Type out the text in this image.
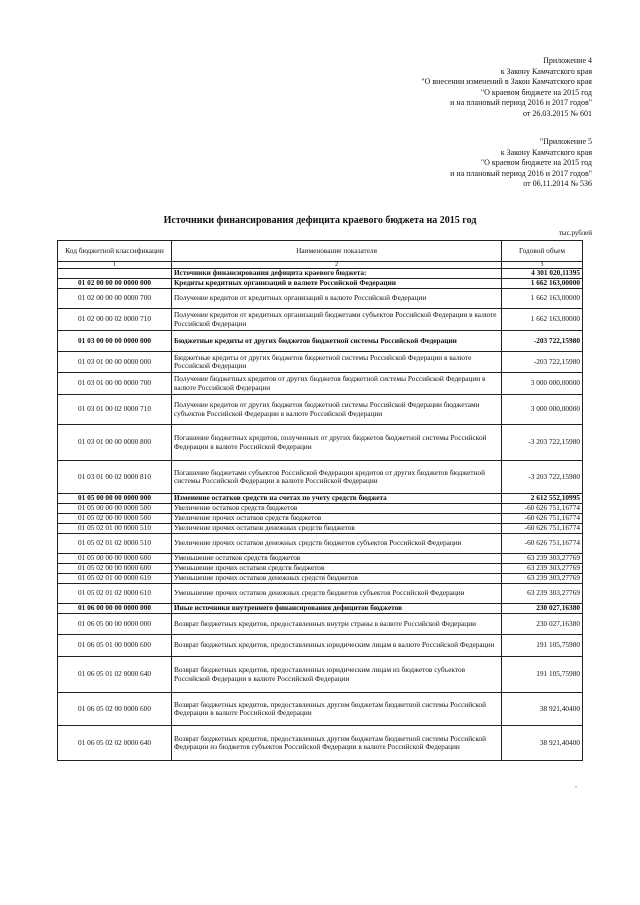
Приложение 4
к Закону Камчатского края
"О внесении изменений в Закон Камчатского края
"О краевом бюджете на 2015 год
и на плановый период 2016 и 2017 годов"
от 26.03.2015 № 601
"Приложение 5
к Закону Камчатского края
"О краевом бюджете на 2015 год
и на плановый период 2016 и 2017 годов"
от 06.11.2014 № 536
Источники финансирования дефицита краевого бюджета на 2015 год
тыс.рублей
Код бюджетной классификации	Наименование показателя	Годовой объем
1	2	3
	Источники финансирования дефицита краевого бюджета:	4 301 020,11395
01 02 00 00 00 0000 000	Кредиты кредитных организаций в валюте Российской Федерации	1 662 163,00000
01 02 00 00 00 0000 700	Получение кредитов от кредитных организаций в валюте Российской Федерации	1 662 163,00000
01 02 00 00 02 0000 710	Получение кредитов от кредитных организаций бюджетами субъектов Российской Федерации в валюте Российской Федерации	1 662 163,00000
01 03 00 00 00 0000 000	Бюджетные кредиты от других бюджетов бюджетной системы Российской Федерации	-203 722,15980
01 03 01 00 00 0000 000	Бюджетные кредиты от других бюджетов бюджетной системы Российской Федерации в валюте Российской Федерации	-203 722,15980
01 03 01 00 00 0000 700	Получение бюджетных кредитов от других бюджетов бюджетной системы Российской Федерации в валюте Российской Федерации	3 000 000,00000
01 03 01 00 02 0000 710	Получение кредитов от других бюджетов бюджетной системы Российской Федерации бюджетами субъектов Российской Федерации в валюте Российской Федерации	3 000 000,00000
01 03 01 00 00 0000 800	Погашение бюджетных кредитов, полученных от других бюджетов бюджетной системы Российской Федерации в валюте Российской Федерации	-3 203 722,15980
01 03 01 00 02 0000 810	Погашение бюджетами субъектов Российской Федерации кредитов от других бюджетов бюджетной системы Российской Федерации в валюте Российской Федерации	-3 203 722,15980
01 05 00 00 00 0000 000	Изменение остатков средств на счетах по учету средств бюджета	2 612 552,10995
01 05 00 00 00 0000 500	Увеличение остатков средств бюджетов	-60 626 751,16774
01 05 02 00 00 0000 500	Увеличение прочих остатков средств бюджетов	-60 626 751,16774
01 05 02 01 00 0000 510	Увеличение прочих остатков денежных средств бюджетов	-60 626 751,16774
01 05 02 01 02 0000 510	Увеличение прочих остатков денежных средств бюджетов субъектов Российской Федерации	-60 626 751,16774
01 05 00 00 00 0000 600	Уменьшение остатков средств бюджетов	63 239 303,27769
01 05 02 00 00 0000 600	Уменьшение прочих остатков средств бюджетов	63 239 303,27769
01 05 02 01 00 0000 610	Уменьшение прочих остатков денежных средств бюджетов	63 239 303,27769
01 05 02 01 02 0000 610	Уменьшение прочих остатков денежных средств бюджетов субъектов Российской Федерации	63 239 303,27769
01 06 00 00 00 0000 000	Иные источники внутреннего финансирования дефицитов бюджетов	230 027,16380
01 06 05 00 00 0000 000	Возврат бюджетных кредитов, предоставленных внутри страны в валюте Российской Федерации	230 027,16380
01 06 05 01 00 0000 600	Возврат бюджетных кредитов, предоставленных юридическим лицам в валюте Российской Федерации	191 105,75980
01 06 05 01 02 0000 640	Возврат бюджетных кредитов, предоставленных юридическим лицам из бюджетов субъектов Российской Федерации в валюте Российской Федерации	191 105,75980
01 06 05 02 00 0000 600	Возврат бюджетных кредитов, предоставленных другим бюджетам бюджетной системы Российской Федерации в валюте Российской Федерации	38 921,40400
01 06 05 02 02 0000 640	Возврат бюджетных кредитов, предоставленных другим бюджетам бюджетной системы Российской Федерации из бюджетов субъектов Российской Федерации в валюте Российской Федерации	38 921,40400
"
